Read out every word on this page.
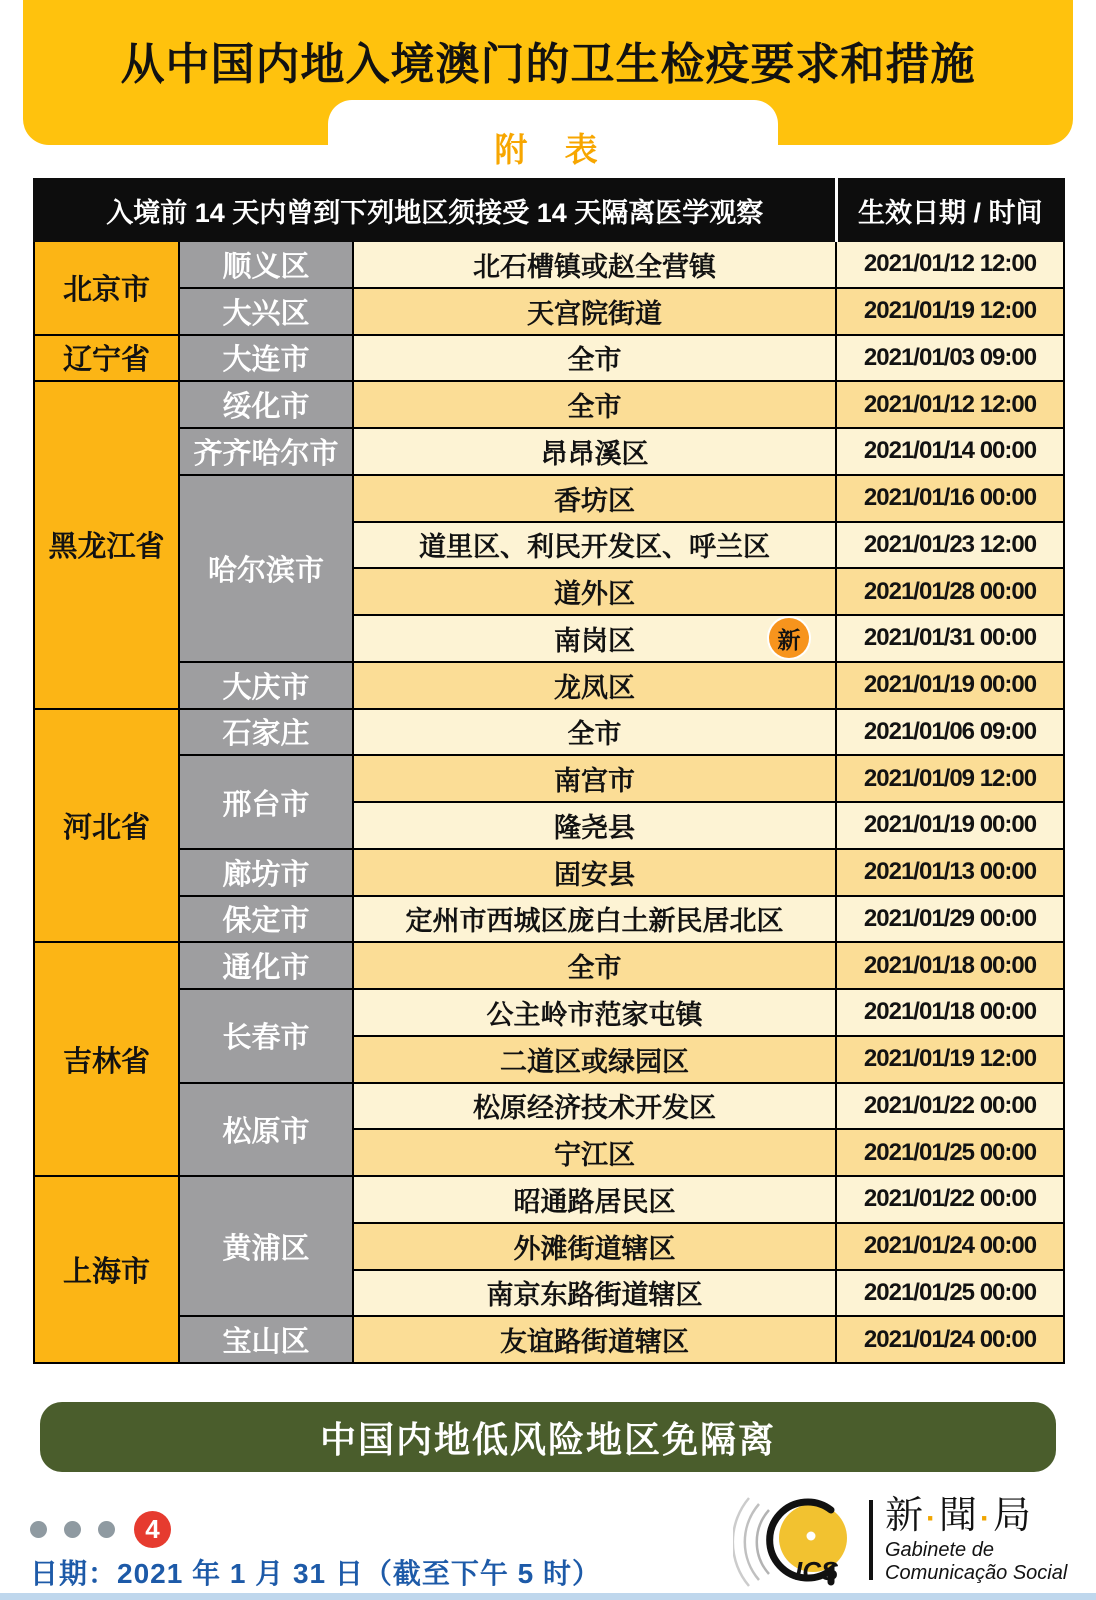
从中国内地入境澳门的卫生检疫要求和措施
附 表
入境前 14 天内曾到下列地区须接受 14 天隔离医学观察			生效日期 / 时间
北京市	顺义区	北石槽镇或赵全营镇	2021/01/12 12:00
	大兴区	天宫院街道	2021/01/19 12:00
辽宁省	大连市	全市	2021/01/03 09:00
黑龙江省	绥化市	全市	2021/01/12 12:00
	齐齐哈尔市	昂昂溪区	2021/01/14 00:00
	哈尔滨市	香坊区	2021/01/16 00:00
		道里区、利民开发区、呼兰区	2021/01/23 12:00
		道外区	2021/01/28 00:00
		南岗区 新	2021/01/31 00:00
	大庆市	龙凤区	2021/01/19 00:00
河北省	石家庄	全市	2021/01/06 09:00
	邢台市	南宫市	2021/01/09 12:00
		隆尧县	2021/01/19 00:00
	廊坊市	固安县	2021/01/13 00:00
	保定市	定州市西城区庞白土新民居北区	2021/01/29 00:00
吉林省	通化市	全市	2021/01/18 00:00
	长春市	公主岭市范家屯镇	2021/01/18 00:00
		二道区或绿园区	2021/01/19 12:00
	松原市	松原经济技术开发区	2021/01/22 00:00
		宁江区	2021/01/25 00:00
上海市	黄浦区	昭通路居民区	2021/01/22 00:00
		外滩街道辖区	2021/01/24 00:00
		南京东路街道辖区	2021/01/25 00:00
	宝山区	友谊路街道辖区	2021/01/24 00:00
中国内地低风险地区免隔离
4
日期：2021 年 1 月 31 日（截至下午 5 时）	ICS
新·聞·局
Gabinete de
Comunicação Social
